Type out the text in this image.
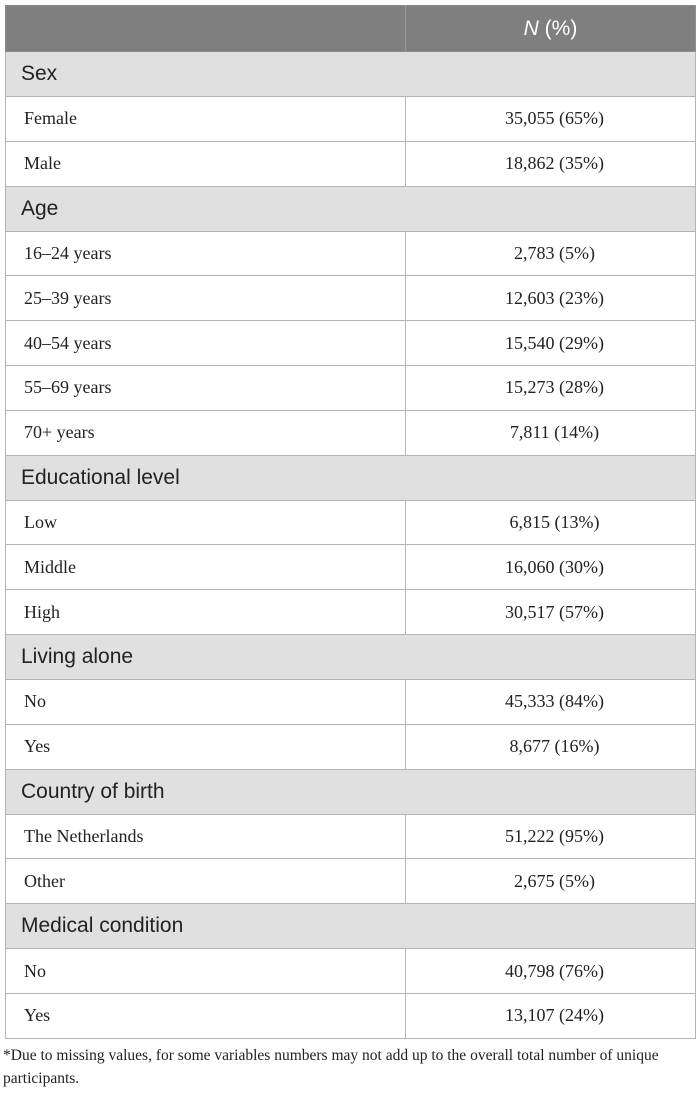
	N (%)
Sex	
Female	35,055 (65%)
Male	18,862 (35%)
Age	
16–24 years	2,783 (5%)
25–39 years	12,603 (23%)
40–54 years	15,540 (29%)
55–69 years	15,273 (28%)
70+ years	7,811 (14%)
Educational level	
Low	6,815 (13%)
Middle	16,060 (30%)
High	30,517 (57%)
Living alone	
No	45,333 (84%)
Yes	8,677 (16%)
Country of birth	
The Netherlands	51,222 (95%)
Other	2,675 (5%)
Medical condition	
No	40,798 (76%)
Yes	13,107 (24%)
*Due to missing values, for some variables numbers may not add up to the overall total number of unique participants.
